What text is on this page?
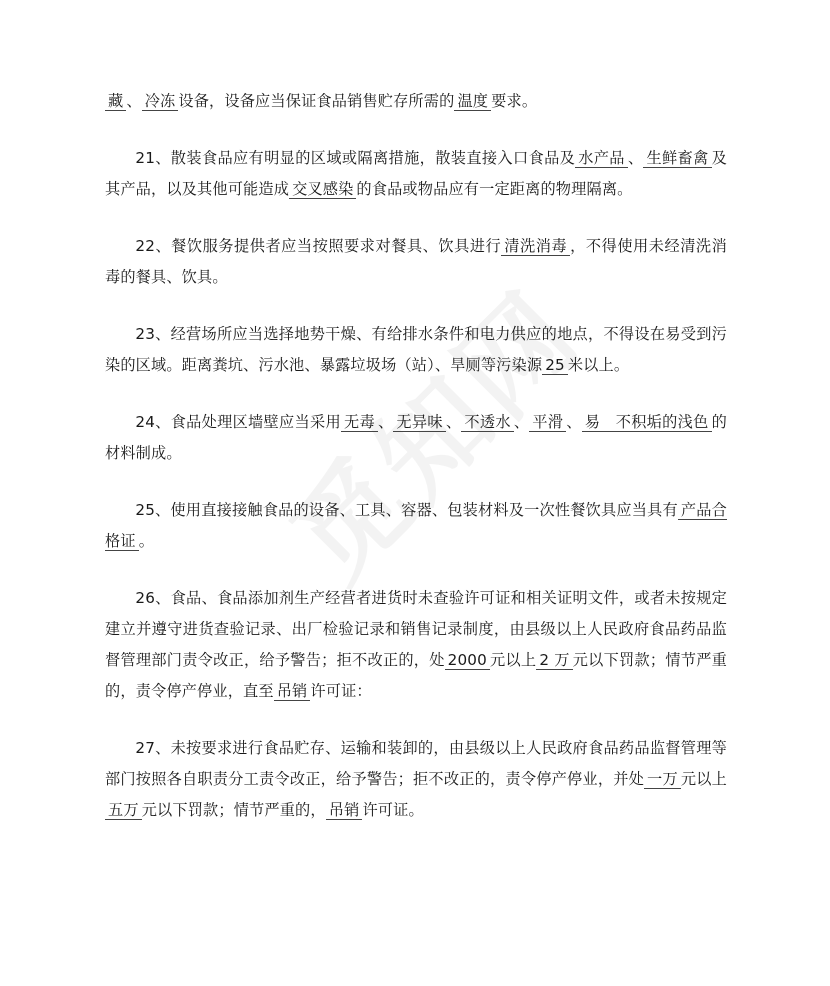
藏 、 冷冻 设备，设备应当保证食品销售贮存所需的 温度 要求。

21、散装食品应有明显的区域或隔离措施，散装直接入口食品及 水产品 、 生鲜畜禽 及其产品，以及其他可能造成 交叉感染 的食品或物品应有一定距离的物理隔离。

22、餐饮服务提供者应当按照要求对餐具、饮具进行 清洗消毒 ，不得使用未经清洗消毒的餐具、饮具。

23、经营场所应当选择地势干燥、有给排水条件和电力供应的地点，不得设在易受到污染的区域。距离粪坑、污水池、暴露垃圾场（站）、旱厕等污染源 25 米以上。

24、食品处理区墙壁应当采用 无毒 、 无异味 、 不透水 、 平滑 、 易　不积垢的浅色 的材料制成。

25、使用直接接触食品的设备、工具、容器、包装材料及一次性餐饮具应当具有 产品合格证 。

26、食品、食品添加剂生产经营者进货时未查验许可证和相关证明文件，或者未按规定建立并遵守进货查验记录、出厂检验记录和销售记录制度，由县级以上人民政府食品药品监督管理部门责令改正，给予警告；拒不改正的，处 2000 元以上 2 万 元以下罚款；情节严重的，责令停产停业，直至 吊销 许可证：

27、未按要求进行食品贮存、运输和装卸的，由县级以上人民政府食品药品监督管理等部门按照各自职责分工责令改正，给予警告；拒不改正的，责令停产停业，并处 一万 元以上五万 元以下罚款；情节严重的， 吊销 许可证。
